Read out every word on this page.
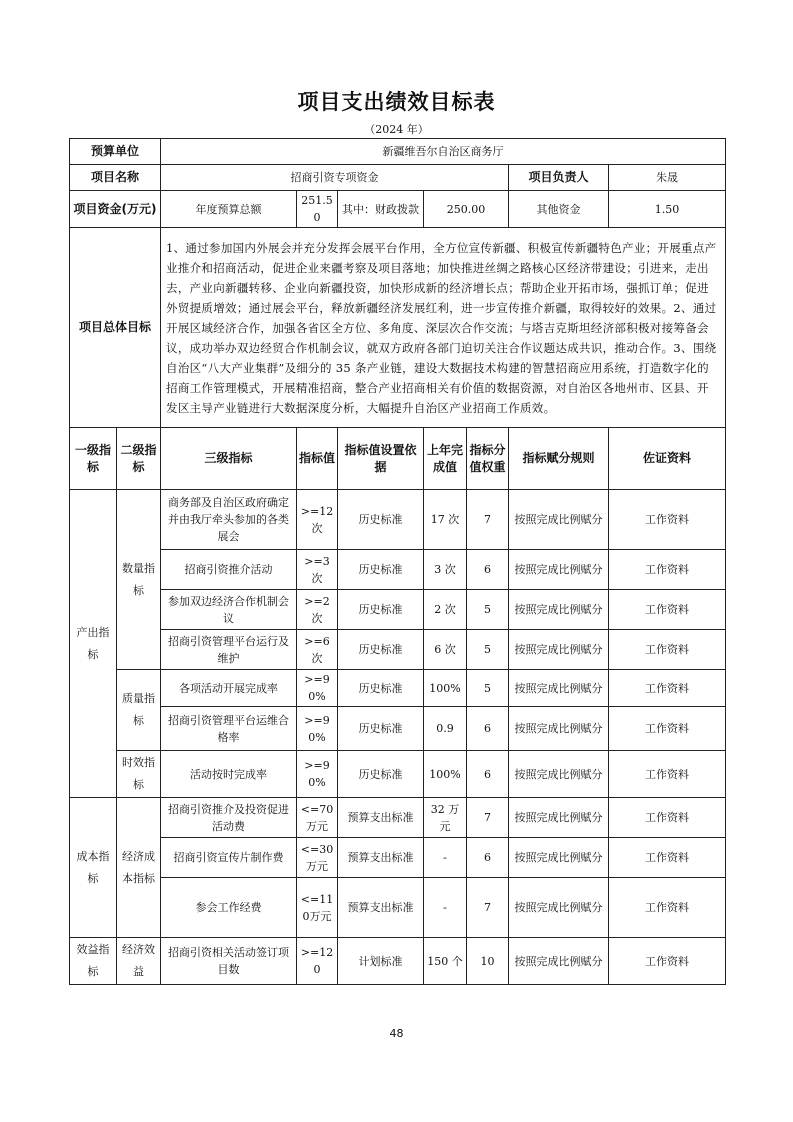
项目支出绩效目标表
（2024 年）
预算单位		新疆维吾尔自治区商务厅						
项目名称		招商引资专项资金					项目负责人	朱晟
项目资金(万元)		年度预算总额	251.50	其中：财政拨款	250.00		其他资金	1.50
项目总体目标		1、通过参加国内外展会并充分发挥会展平台作用，全方位宣传新疆、积极宣传新疆特色产业；开展重点产业推介和招商活动，促进企业来疆考察及项目落地；加快推进丝绸之路核心区经济带建设；引进来，走出去，产业向新疆转移、企业向新疆投资，加快形成新的经济增长点；帮助企业开拓市场，强抓订单；促进外贸提质增效；通过展会平台，释放新疆经济发展红利，进一步宣传推介新疆，取得较好的效果。2、通过开展区域经济合作，加强各省区全方位、多角度、深层次合作交流；与塔吉克斯坦经济部积极对接筹备会议，成功举办双边经贸合作机制会议，就双方政府各部门迫切关注合作议题达成共识，推动合作。3、围绕自治区“八大产业集群”及细分的 35 条产业链，建设大数据技术构建的智慧招商应用系统，打造数字化的招商工作管理模式，开展精准招商，整合产业招商相关有价值的数据资源，对自治区各地州市、区县、开发区主导产业链进行大数据深度分析，大幅提升自治区产业招商工作质效。						
一级指标	二级指标	三级指标	指标值	指标值设置依据	上年完成值	指标分值权重	指标赋分规则	佐证资料
产出指标	数量指标	商务部及自治区政府确定并由我厅牵头参加的各类展会	>=12次	历史标准	17 次	7	按照完成比例赋分	工作资料
		招商引资推介活动	>=3次	历史标准	3 次	6	按照完成比例赋分	工作资料
		参加双边经济合作机制会议	>=2次	历史标准	2 次	5	按照完成比例赋分	工作资料
		招商引资管理平台运行及维护	>=6次	历史标准	6 次	5	按照完成比例赋分	工作资料
	质量指标	各项活动开展完成率	>=90%	历史标准	100%	5	按照完成比例赋分	工作资料
		招商引资管理平台运维合格率	>=90%	历史标准	0.9	6	按照完成比例赋分	工作资料
	时效指标	活动按时完成率	>=90%	历史标准	100%	6	按照完成比例赋分	工作资料
成本指标	经济成本指标	招商引资推介及投资促进活动费	<=70万元	预算支出标准	32 万元	7	按照完成比例赋分	工作资料
		招商引资宣传片制作费	<=30万元	预算支出标准	-	6	按照完成比例赋分	工作资料
		参会工作经费	<=110万元	预算支出标准	-	7	按照完成比例赋分	工作资料
效益指标	经济效益	招商引资相关活动签订项目数	>=120	计划标准	150 个	10	按照完成比例赋分	工作资料
48
